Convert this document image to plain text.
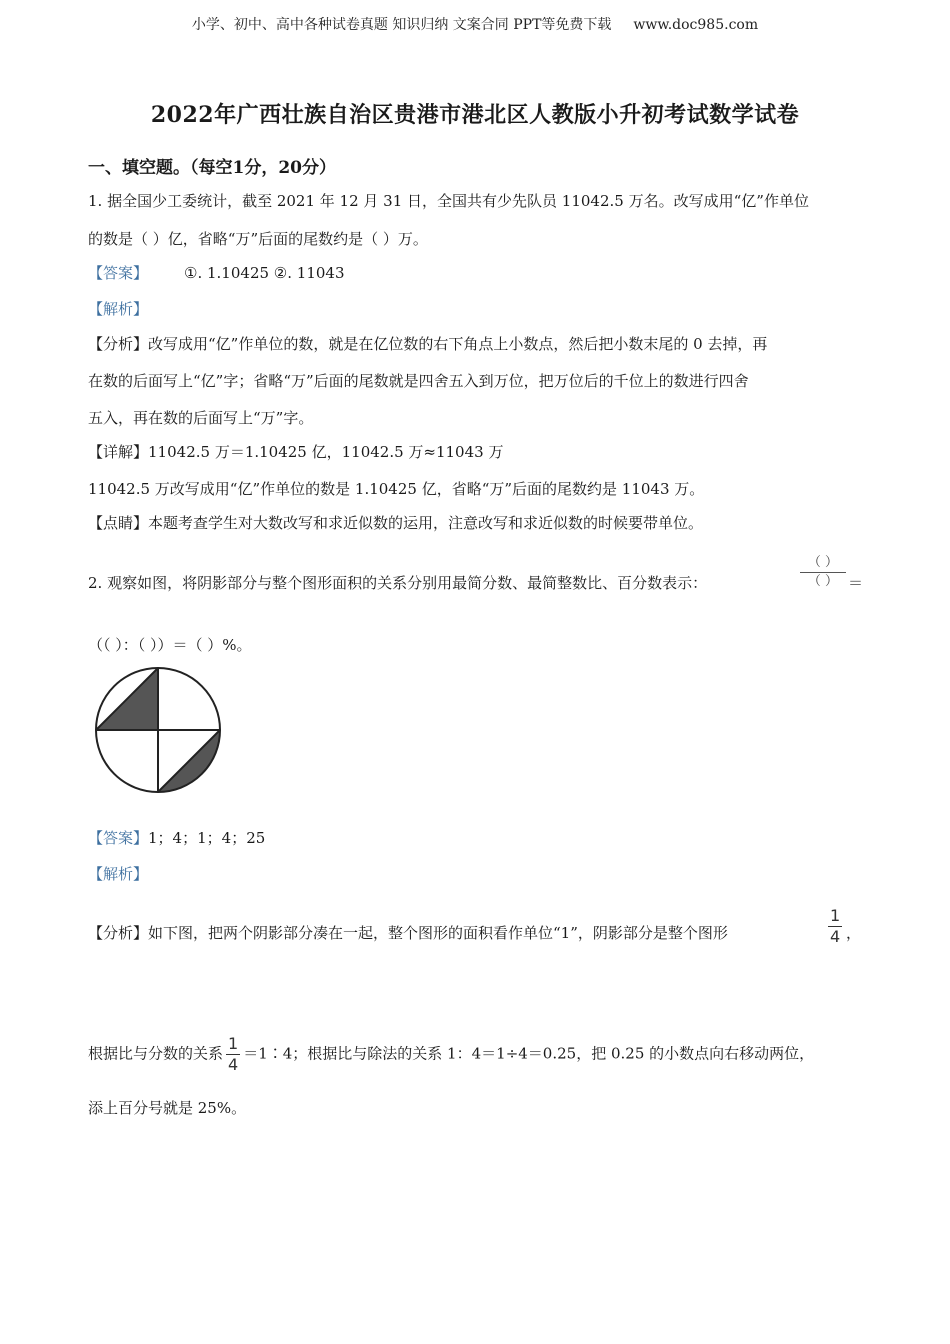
小学、初中、高中各种试卷真题 知识归纳 文案合同 PPT等免费下载 www.doc985.com
2022年广西壮族自治区贵港市港北区人教版小升初考试数学试卷
一、填空题。（每空1分，20分）
1. 据全国少工委统计，截至 2021 年 12 月 31 日，全国共有少先队员 11042.5 万名。改写成用“亿”作单位
的数是（ ）亿，省略“万”后面的尾数约是（ ）万。
【答案】 ①. 1.10425 ②. 11043
【解析】
【分析】改写成用“亿”作单位的数，就是在亿位数的右下角点上小数点，然后把小数末尾的 0 去掉，再
在数的后面写上“亿”字；省略“万”后面的尾数就是四舍五入到万位，把万位后的千位上的数进行四舍
五入，再在数的后面写上“万”字。
【详解】11042.5 万＝1.10425 亿，11042.5 万≈11043 万
11042.5 万改写成用“亿”作单位的数是 1.10425 亿，省略“万”后面的尾数约是 11043 万。
【点睛】本题考查学生对大数改写和求近似数的运用，注意改写和求近似数的时候要带单位。
2. 观察如图，将阴影部分与整个图形面积的关系分别用最简分数、最简整数比、百分数表示：	$\frac{( )}{( )}$ ＝
（（ ）：（ ））＝（ ）%。
【答案】1；4；1；4；25
【解析】
【分析】如下图，把两个阴影部分凑在一起，整个图形的面积看作单位“1”，阴影部分是整个图形	$\frac{1}{4}$ ，
根据比与分数的关系 $\frac{1}{4}$ ＝1∶4；根据比与除法的关系 1：4＝1÷4＝0.25，把 0.25 的小数点向右移动两位，
添上百分号就是 25%。
